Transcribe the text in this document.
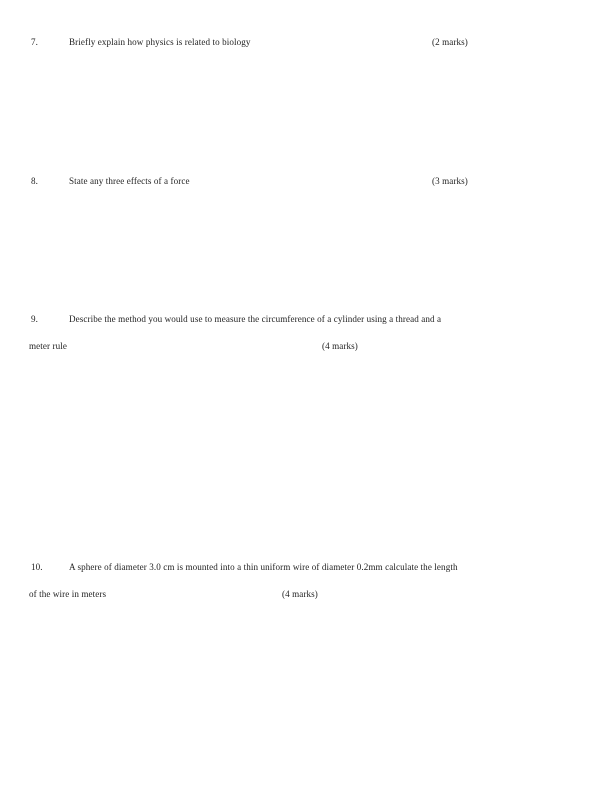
7.	Briefly explain how physics is related to biology	(2 marks)
8.	State any three effects of a force	(3 marks)
9.	Describe the method you would use to measure the circumference of a cylinder using a thread and a
meter rule	(4 marks)
10.	A sphere of diameter 3.0 cm is mounted into a thin uniform wire of diameter 0.2mm calculate the length
of the wire in meters	(4 marks)
